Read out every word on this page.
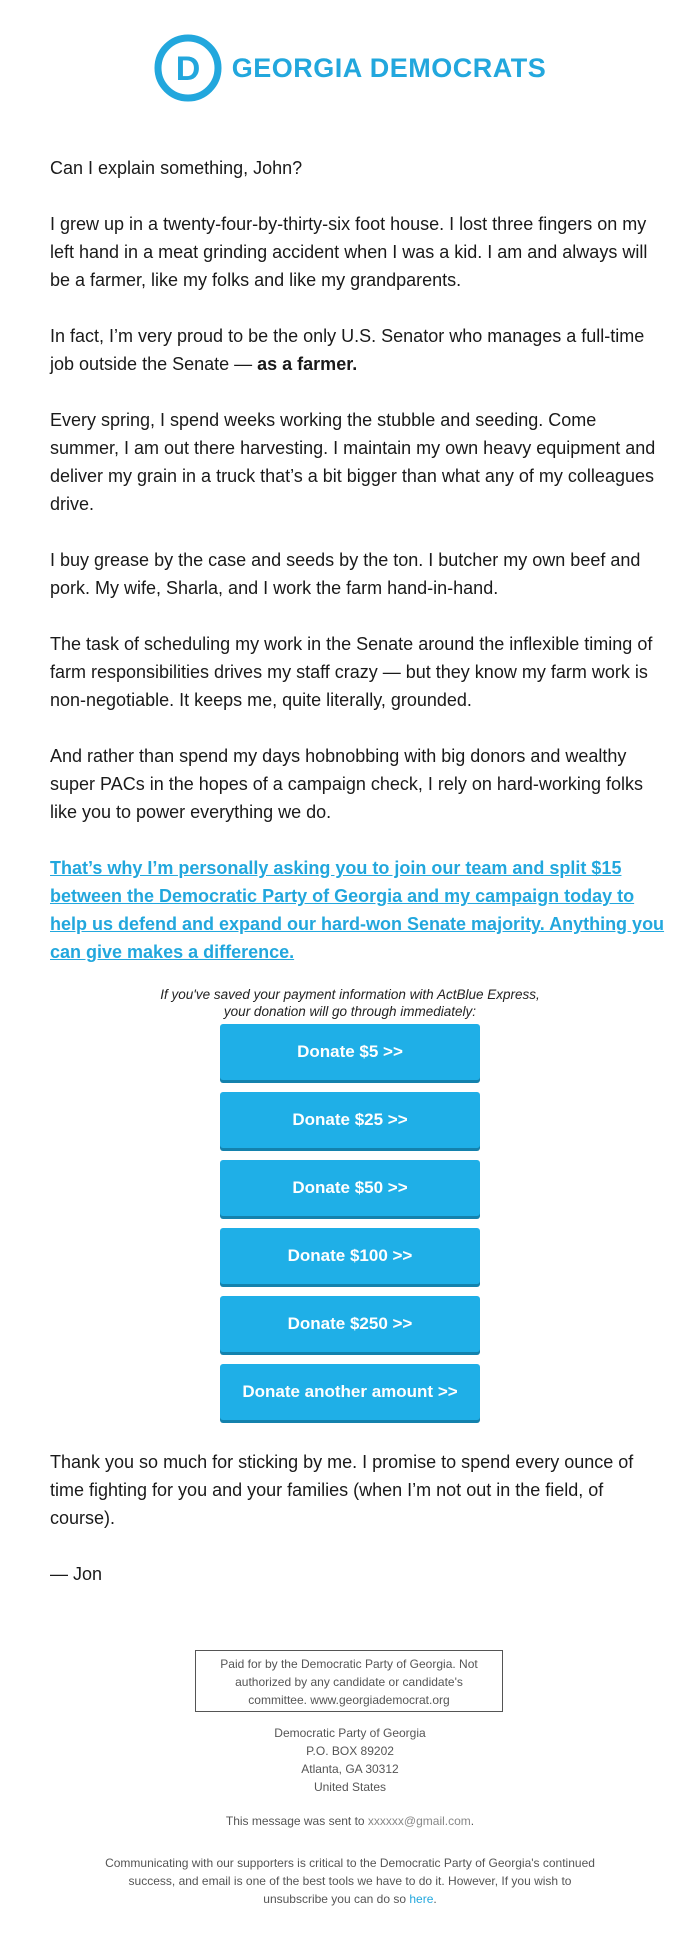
D GEORGIA DEMOCRATS

Can I explain something, John?

I grew up in a twenty-four-by-thirty-six foot house. I lost three fingers on my left hand in a meat grinding accident when I was a kid. I am and always will be a farmer, like my folks and like my grandparents.

In fact, I’m very proud to be the only U.S. Senator who manages a full-time job outside the Senate — as a farmer.

Every spring, I spend weeks working the stubble and seeding. Come summer, I am out there harvesting. I maintain my own heavy equipment and deliver my grain in a truck that’s a bit bigger than what any of my colleagues drive.

I buy grease by the case and seeds by the ton. I butcher my own beef and pork. My wife, Sharla, and I work the farm hand-in-hand.

The task of scheduling my work in the Senate around the inflexible timing of farm responsibilities drives my staff crazy — but they know my farm work is non-negotiable. It keeps me, quite literally, grounded.

And rather than spend my days hobnobbing with big donors and wealthy super PACs in the hopes of a campaign check, I rely on hard-working folks like you to power everything we do.

That’s why I’m personally asking you to join our team and split $15 between the Democratic Party of Georgia and my campaign today to help us defend and expand our hard-won Senate majority. Anything you can give makes a difference.

If you've saved your payment information with ActBlue Express,
your donation will go through immediately:
Donate $5 >>
Donate $25 >>
Donate $50 >>
Donate $100 >>
Donate $250 >>
Donate another amount >>

Thank you so much for sticking by me. I promise to spend every ounce of time fighting for you and your families (when I’m not out in the field, of course).

— Jon

Paid for by the Democratic Party of Georgia. Not authorized by any candidate or candidate's committee. www.georgiademocrat.org
Democratic Party of Georgia
P.O. BOX 89202
Atlanta, GA 30312
United States
This message was sent to xxxxxx@gmail.com.
Communicating with our supporters is critical to the Democratic Party of Georgia's continued success, and email is one of the best tools we have to do it. However, If you wish to unsubscribe you can do so here.
